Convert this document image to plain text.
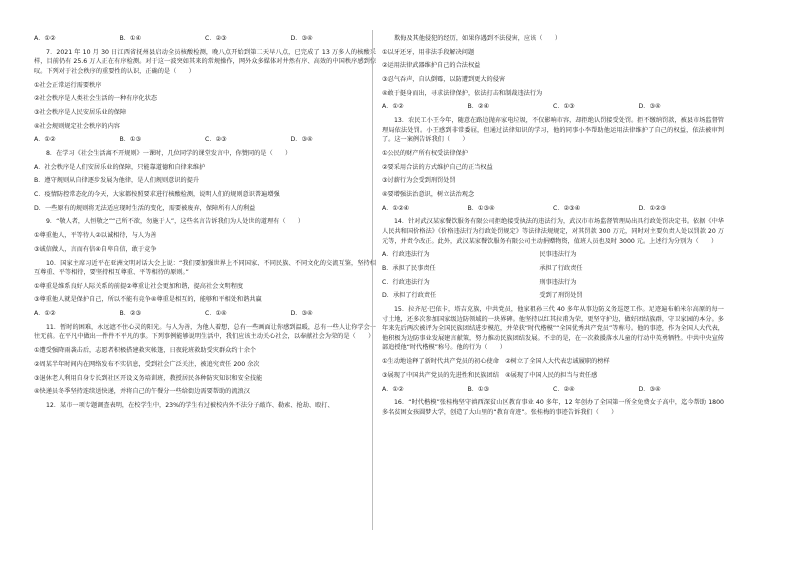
A．①②	B．①④	C．②③	D．③④

7．2021 年 10 月 30 日江西省抚州县启动全员核酸检测，晚八点开始到第二天早八点，已完成了 13 万多人的核酸采样，目前仍有 25.6 万人正在有序检测。对于这一波突如其来的常规操作，网外众多媒体对井然有序、高效的中国秩序感到惊叹。下列对于社会秩序的重要性的认识，正确的是（　　）

①社会正常运行需要秩序

②社会秩序是人类社会生活的一种有序化状态

③社会秩序是人民安居乐业的保障

④社会规则规定社会秩序的内容

A．①②	B．①③	C．②③	D．③④

8．在学习《社会生活离不开规则》一课时，几位同学的课堂发言中，你赞同的是（　　）

A．社会秩序是人们安居乐业的保障，只能靠道德和自律来维护

B．遵守规则从自律逐步发展为他律，是人们规则意识的提升

C．疫情防控常态化的今天，大家都按照要求进行核酸检测，说明人们的规则意识普遍增强

D．一些原有的规则将无法适应现时生活的变化，需要被废弃，保障所有人的利益

9．“敬人者，人恒敬之”“己所不欲，勿施于人”，这些名言告诉我们为人处世的道理有（　　）

①尊重他人，平等待人②以诚相待，与人为善

③诚信做人，言而有信④自卑自信，敢于竞争

10．国家主席习近平在亚洲文明对话大会上说：“我们要加强世界上不同国家、不同民族、不同文化的交流互鉴，坚持相互尊重、平等相待，要坚持相互尊重、平等相待的原则。”

①尊重是维系良好人际关系的前提②尊重让社会更加和谐，提高社会文明程度

③尊重他人就是保护自己，所以不能有竞争④尊重是相互的，能够和平相处和谐共赢

A．①②	B．②③	C．①④	D．③④

11．暂时的困难，永远遮不住心灵的阳光。与人为善，为他人着想，总有一些画面让你感到温暖，总有一些人让你学会一往无前。在平凡中做出一件件不平凡的事。下列事例能够说明生活中，我们应该主动关心社会，以奉献社会为荣的是（　　）

①遭受强降雨袭击后，志愿者积极搭建救灾帐篷，日夜轮班救助受灾群众约十余个

②周某半年时间内在网络发布不实信息，受到社会广泛关注，被追究责任 200 余次

③退休老人利用自身专长到社区开设义务培训班，教授居民各种防灾知识和安全技能

④快递员冬季坚持连续送快递，并将自己的午餐分一些给街边需要帮助的流浪汉

12．某市一项专题调查表明，在校学生中，23%的学生有过被校内外不法分子敲诈、勒索、抢劫、殴打、

欺侮及其他侵犯的经历，如果你遇到不法侵害，应该（　　）

①以牙还牙，用非法手段解决问题

②运用法律武器维护自己的合法权益

③忍气吞声，自认倒霉，以防遭到更大的侵害

④敢于挺身而出，寻求法律保护，依法打击和制裁违法行为

A．①②	B．②④	C．①③	D．③④

13．农民工小王今年，随意在路边抛弃家电垃圾，不仅影响市容，却拒绝认罚接受处罚。拒不缴纳罚款，被县市场监督管理局依法处罚。小王感到非常委屈，但通过法律知识的学习，他的同事小李帮助他运用法律维护了自己的权益，依法被审判了。这一案例告诉我们（　　）

①公民的财产所有权受法律保护

②要采用合法的方式维护自己的正当权益

③讨薪行为会受到刑罚处罚

④要增强法治意识，树立法治观念

A．①②④	B．①③④	C．②③④	D．①②③

14．针对武汉某家餐饮服务有限公司拒绝接受执法的违法行为，武汉市市场监督管理局出具行政处罚决定书。依据《中华人民共和国价格法》《价格违法行为行政处罚规定》等法律法规规定，对其罚款 300 万元，同时对主要负责人处以罚款 20 万元等，并责令改正。此外，武汉某家餐饮服务有限公司主动捐赠物资，值班人员也及时 3000 元。上述行为分别为（　　）

A．行政违法行为	民事违法行为
B．承担了民事责任	承担了行政责任
C．行政违法行为	刑事违法行为
D．承担了行政责任	受到了刑罚处罚

15．拉齐尼·巴依卡，塔吉克族，中共党员，他家祖孙三代 40 多年从事边防义务巡逻工作。足迹遍布帕米尔高原的每一寸土地，还多次参加国家级边防领域的一块界碑。他坚持以红其拉甫为荣，更坚守护边，做好团结族群，守卫家园的本分。多年来先后两次被评为全国民族团结进步模范，并荣获“时代楷模”“全国优秀共产党员”等称号。他的事迹，作为全国人大代表，他积极为边防事业发展建言献策，努力推动民族团结发展。不幸的是，在一次救援落水儿童的行动中英勇牺牲。中共中央宣传部追授他“时代楷模”称号。他的行为（　　）

①生动地诠释了新时代共产党员的初心使命　②树立了全国人大代表忠诚履职的榜样

③展现了中国共产党员的先进性和民族团结　④展现了中国人民的担当与责任感

A．①②	B．①③	C．②④	D．③④

16．“时代楷模”张桂梅坚守滇西深贫山区教育事业 40 多年，12 年创办了全国第一所全免费女子高中，迄今帮助 1800 多名贫困女孩圆梦大学，创造了大山里的“教育奇迹”。张桂梅的事迹告诉我们（　　）
